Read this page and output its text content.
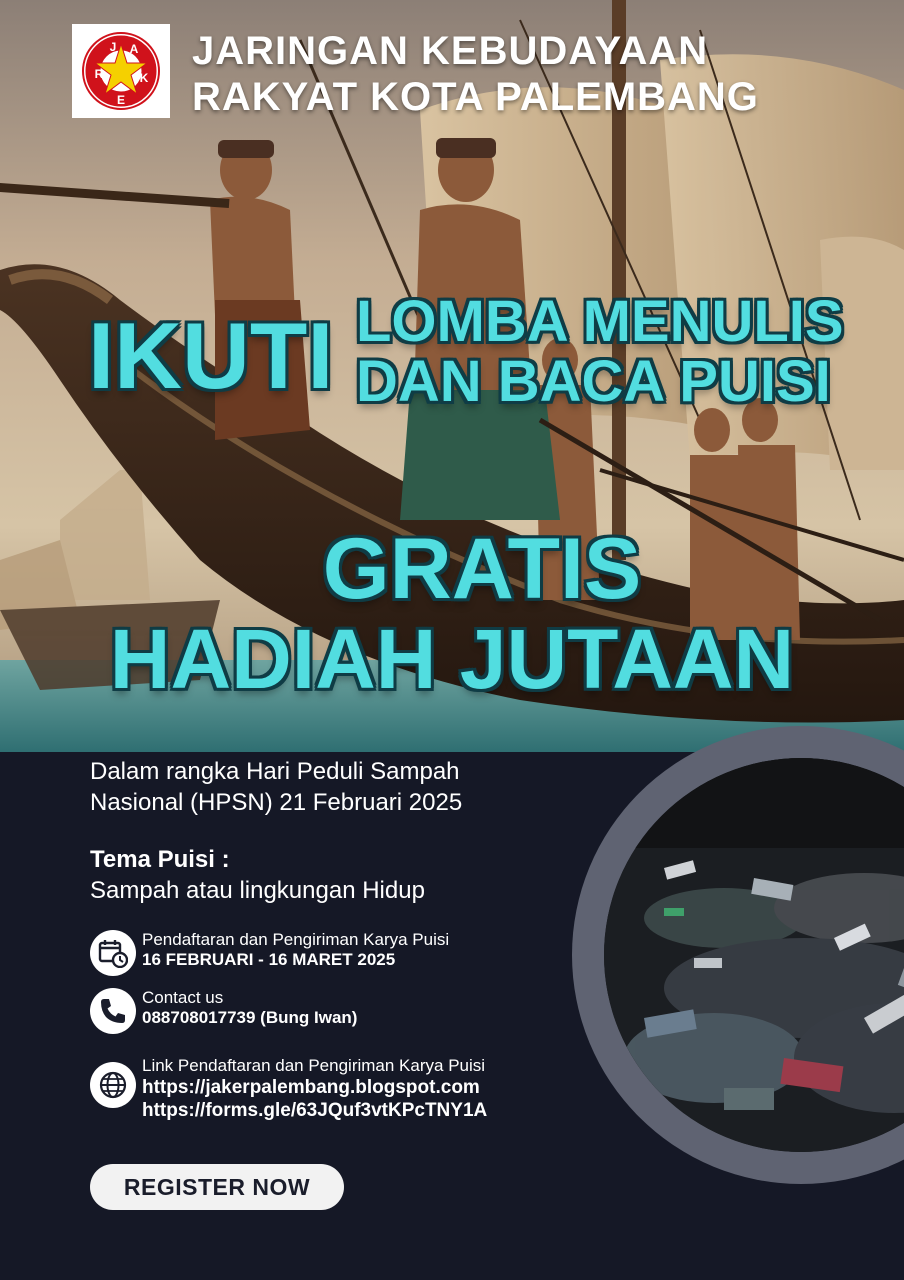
J A
R
E
K
JARINGAN KEBUDAYAAN
RAKYAT KOTA PALEMBANG
IKUTI LOMBA MENULIS
DAN BACA PUISI
GRATIS
HADIAH JUTAAN
Dalam rangka Hari Peduli Sampah
Nasional (HPSN) 21 Februari 2025
Tema Puisi :
Sampah atau lingkungan Hidup
Pendaftaran dan Pengiriman Karya Puisi
16 FEBRUARI - 16 MARET 2025
Contact us
088708017739 (Bung Iwan)
Link Pendaftaran dan Pengiriman Karya Puisi
https://jakerpalembang.blogspot.com
https://forms.gle/63JQuf3vtKPcTNY1A
REGISTER NOW
